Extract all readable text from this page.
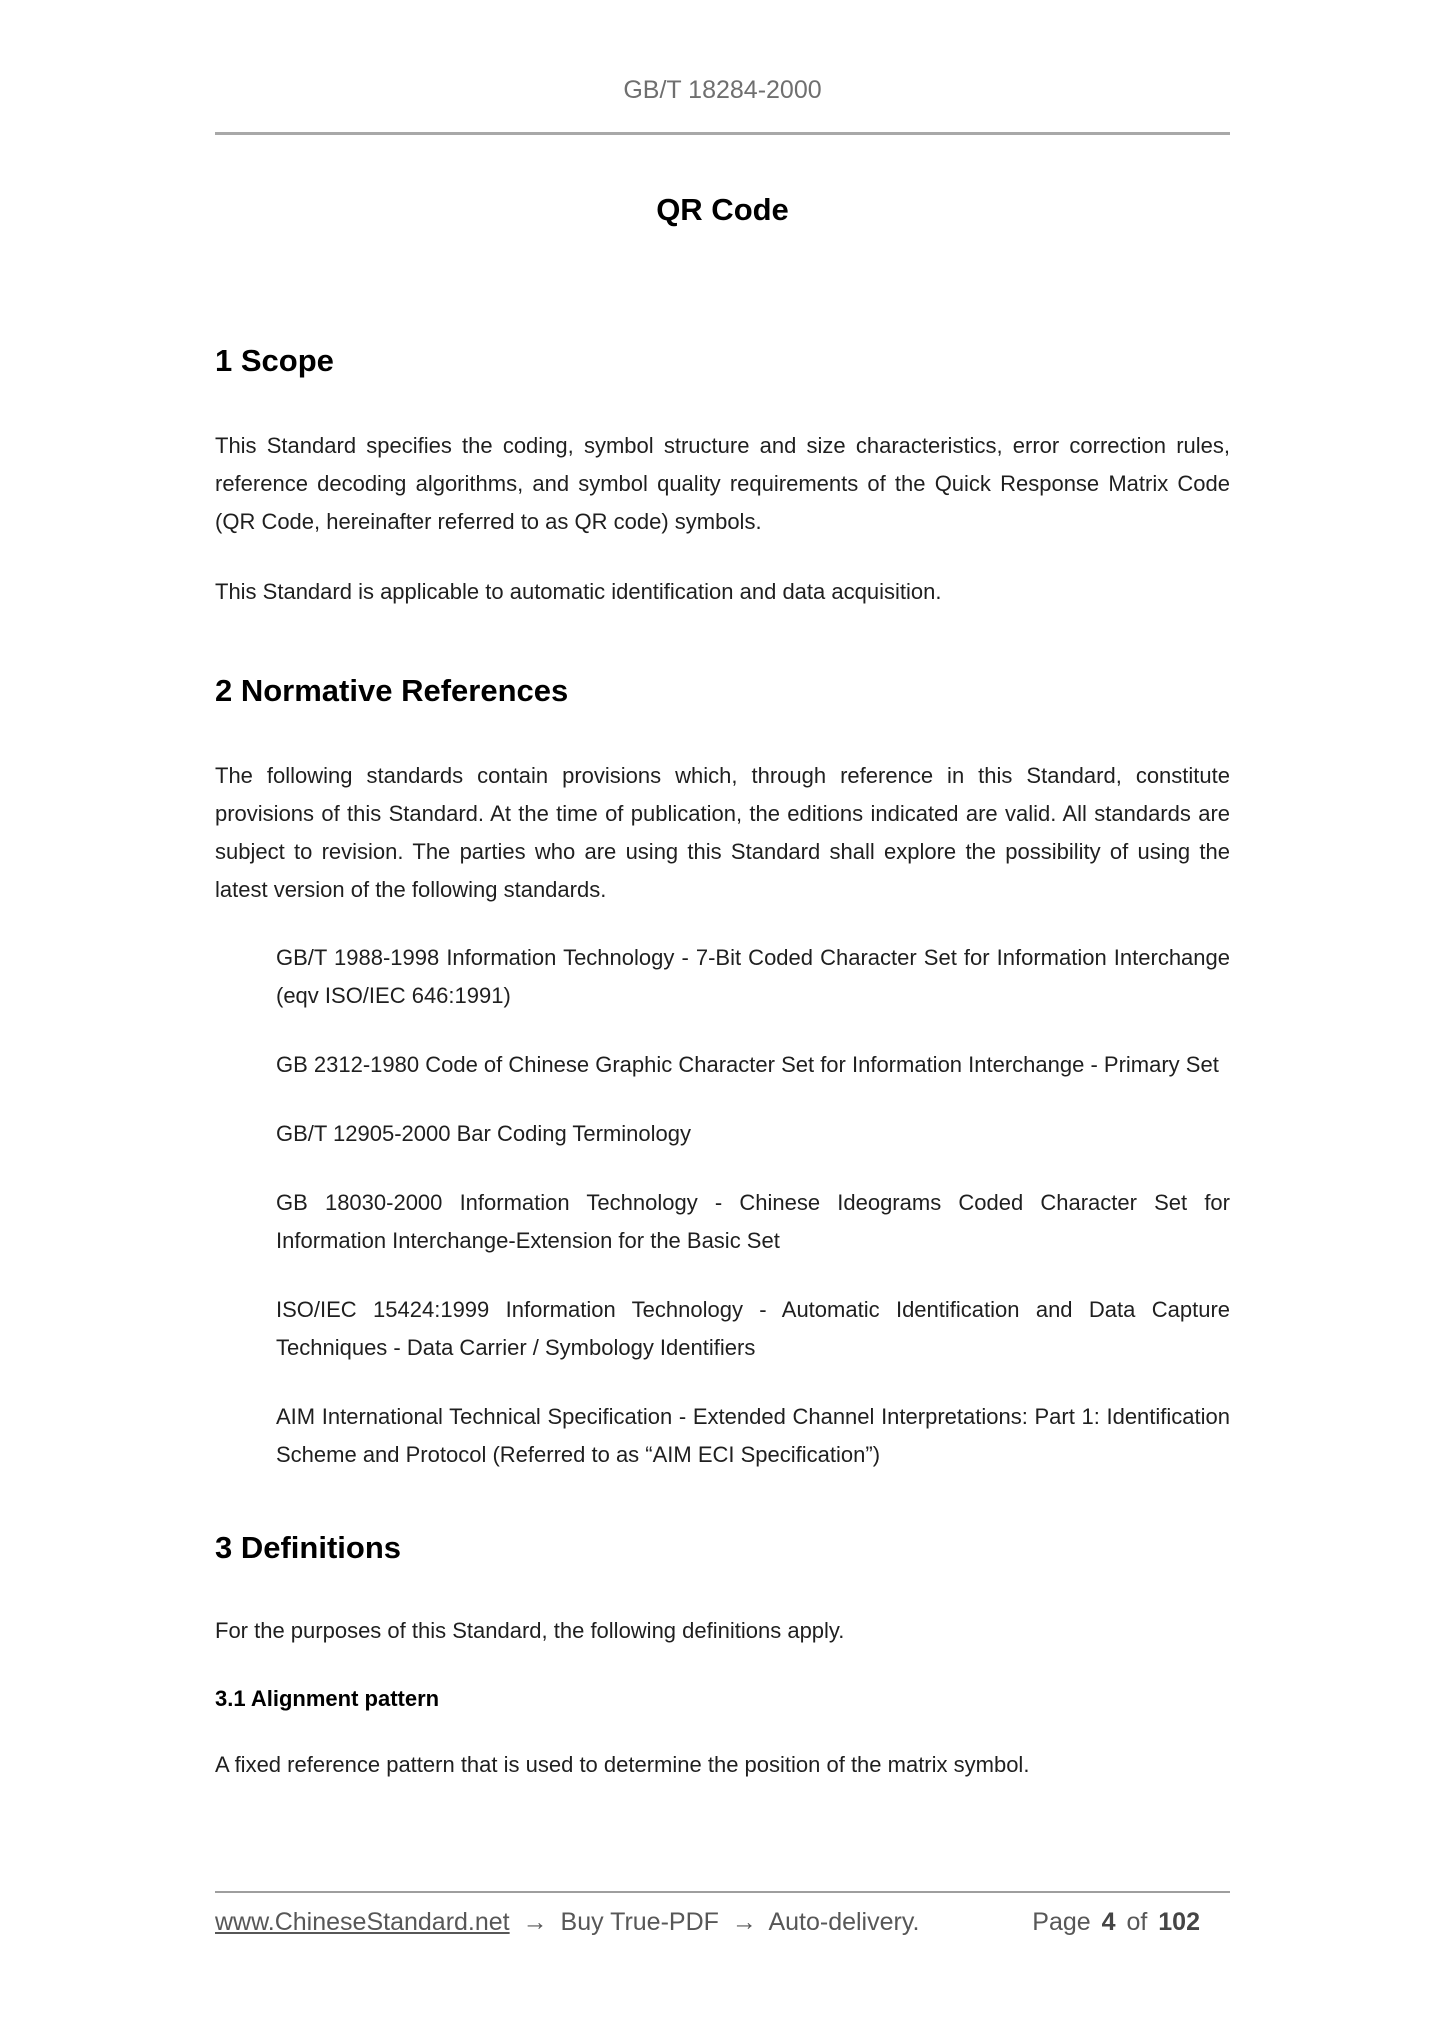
GB/T 18284-2000
QR Code
1 Scope

This Standard specifies the coding, symbol structure and size characteristics, error correction rules, reference decoding algorithms, and symbol quality requirements of the Quick Response Matrix Code (QR Code, hereinafter referred to as QR code) symbols.

This Standard is applicable to automatic identification and data acquisition.

2 Normative References

The following standards contain provisions which, through reference in this Standard, constitute provisions of this Standard. At the time of publication, the editions indicated are valid. All standards are subject to revision. The parties who are using this Standard shall explore the possibility of using the latest version of the following standards.

GB/T 1988-1998 Information Technology - 7-Bit Coded Character Set for Information Interchange (eqv ISO/IEC 646:1991)
GB 2312-1980 Code of Chinese Graphic Character Set for Information Interchange - Primary Set
GB/T 12905-2000 Bar Coding Terminology
GB 18030-2000 Information Technology - Chinese Ideograms Coded Character Set for Information Interchange-Extension for the Basic Set
ISO/IEC 15424:1999 Information Technology - Automatic Identification and Data Capture Techniques - Data Carrier / Symbology Identifiers
AIM International Technical Specification - Extended Channel Interpretations: Part 1: Identification Scheme and Protocol (Referred to as “AIM ECI Specification”)
3 Definitions

For the purposes of this Standard, the following definitions apply.

3.1 Alignment pattern

A fixed reference pattern that is used to determine the position of the matrix symbol.

www.ChineseStandard.net → Buy True-PDF → Auto-delivery.	Page 4 of 102
